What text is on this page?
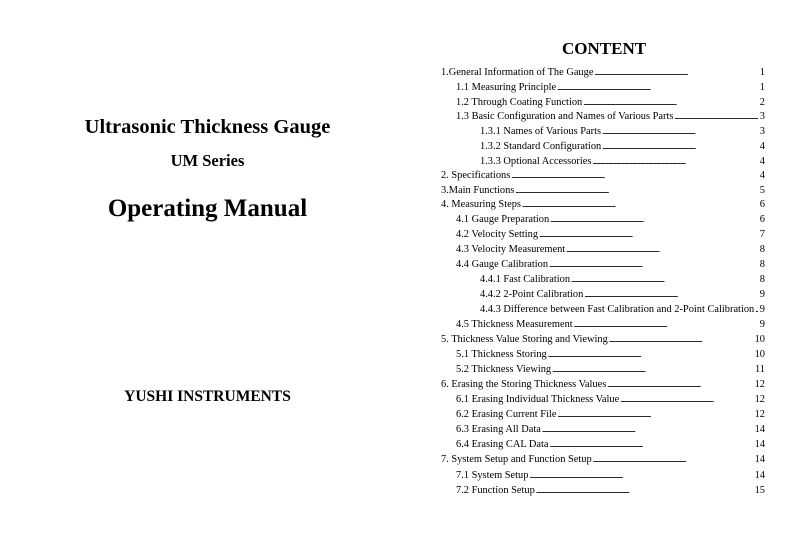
Ultrasonic Thickness Gauge
UM Series
Operating Manual
YUSHI INSTRUMENTS
CONTENT
1.General Information of The Gauge . . .	1
1.1 Measuring Principle . . .	1
1.2 Through Coating Function . . .	2
1.3 Basic Configuration and Names of Various Parts . . .	3
1.3.1 Names of Various Parts . . .	3
1.3.2 Standard Configuration . . .	4
1.3.3 Optional Accessories . . .	4
2. Specifications . . .	4
3.Main Functions . . .	5
4. Measuring Steps . . .	6
4.1 Gauge Preparation . . .	6
4.2 Velocity Setting . . .	7
4.3 Velocity Measurement . . .	8
4.4 Gauge Calibration . . .	8
4.4.1 Fast Calibration . . .	8
4.4.2 2-Point Calibration . . .	9
4.4.3 Difference between Fast Calibration and 2-Point Calibration . . . 9
4.5 Thickness Measurement . . .	9
5. Thickness Value Storing and Viewing . . .	10
5.1 Thickness Storing . . .	10
5.2 Thickness Viewing . . .	11
6. Erasing the Storing Thickness Values . . .	12
6.1 Erasing Individual Thickness Value . . .	12
6.2 Erasing Current File . . .	12
6.3 Erasing All Data . . .	14
6.4 Erasing CAL Data . . .	14
7. System Setup and Function Setup . . .	14
7.1 System Setup . . .	14
7.2 Function Setup . . .	15
